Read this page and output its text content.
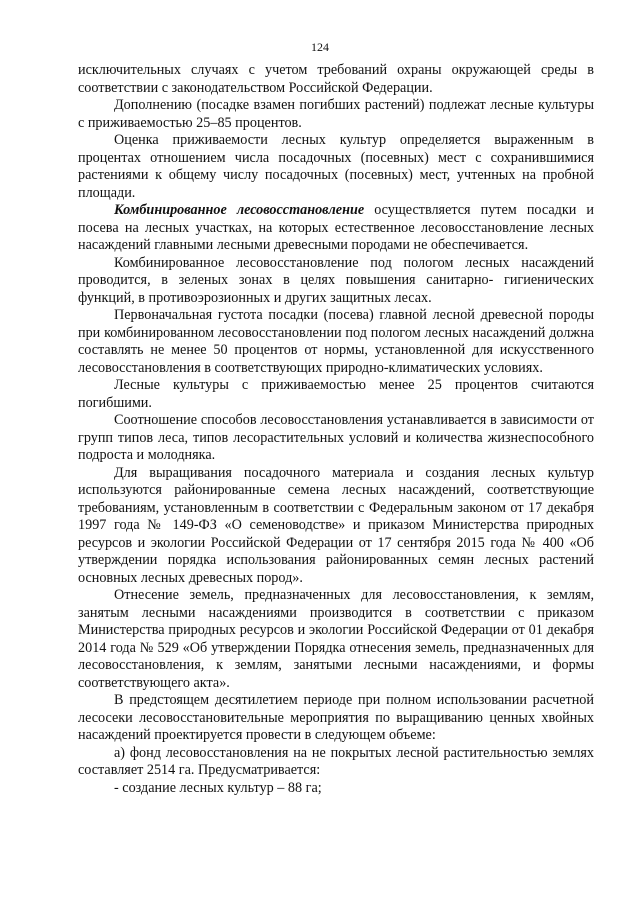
124

исключительных случаях с учетом требований охраны окружающей среды в соответствии с законодательством Российской Федерации.

Дополнению (посадке взамен погибших растений) подлежат лесные культуры с приживаемостью 25–85 процентов.

Оценка приживаемости лесных культур определяется выраженным в процентах отношением числа посадочных (посевных) мест с сохранившимися растениями к общему числу посадочных (посевных) мест, учтенных на пробной площади.

Комбинированное лесовосстановление осуществляется путем посадки и посева на лесных участках, на которых естественное лесовосстановление лесных насаждений главными лесными древесными породами не обеспечивается.

Комбинированное лесовосстановление под пологом лесных насаждений проводится, в зеленых зонах в целях повышения санитарно- гигиенических функций, в противоэрозионных и других защитных лесах.

Первоначальная густота посадки (посева) главной лесной древесной породы при комбинированном лесовосстановлении под пологом лесных насаждений должна составлять не менее 50 процентов от нормы, установленной для искусственного лесовосстановления в соответствующих природно-климатических условиях.

Лесные культуры с приживаемостью менее 25 процентов считаются погибшими.

Соотношение способов лесовосстановления устанавливается в зависимости от групп типов леса, типов лесорастительных условий и количества жизнеспособного подроста и молодняка.

Для выращивания посадочного материала и создания лесных культур используются районированные семена лесных насаждений, соответствующие требованиям, установленным в соответствии с Федеральным законом от 17 декабря 1997 года № 149-ФЗ «О семеноводстве» и приказом Министерства природных ресурсов и экологии Российской Федерации от 17 сентября 2015 года № 400 «Об утверждении порядка использования районированных семян лесных растений основных лесных древесных пород».

Отнесение земель, предназначенных для лесовосстановления, к землям, занятым лесными насаждениями производится в соответствии с приказом Министерства природных ресурсов и экологии Российской Федерации от 01 декабря 2014 года № 529 «Об утверждении Порядка отнесения земель, предназначенных для лесовосстановления, к землям, занятыми лесными насаждениями, и формы соответствующего акта».

В предстоящем десятилетием периоде при полном использовании расчетной лесосеки лесовосстановительные мероприятия по выращиванию ценных хвойных насаждений проектируется провести в следующем объеме:

а) фонд лесовосстановления на не покрытых лесной растительностью землях составляет 2514 га. Предусматривается:

- создание лесных культур – 88 га;
